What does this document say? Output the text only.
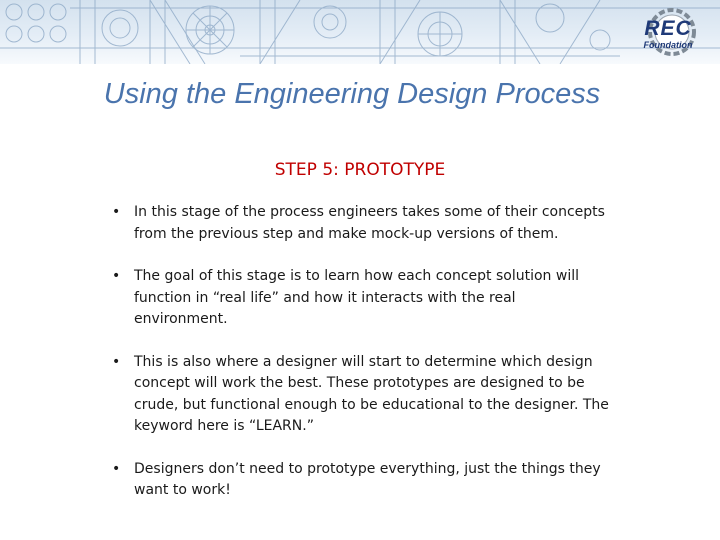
REC
Foundation
Using the Engineering Design Process
STEP 5: PROTOTYPE
• In this stage of the process engineers takes some of their concepts from the previous step and make mock-up versions of them.
• The goal of this stage is to learn how each concept solution will function in “real life” and how it interacts with the real environment.
• This is also where a designer will start to determine which design concept will work the best. These prototypes are designed to be crude, but functional enough to be educational to the designer. The keyword here is “LEARN.”
• Designers don’t need to prototype everything, just the things they want to work!
